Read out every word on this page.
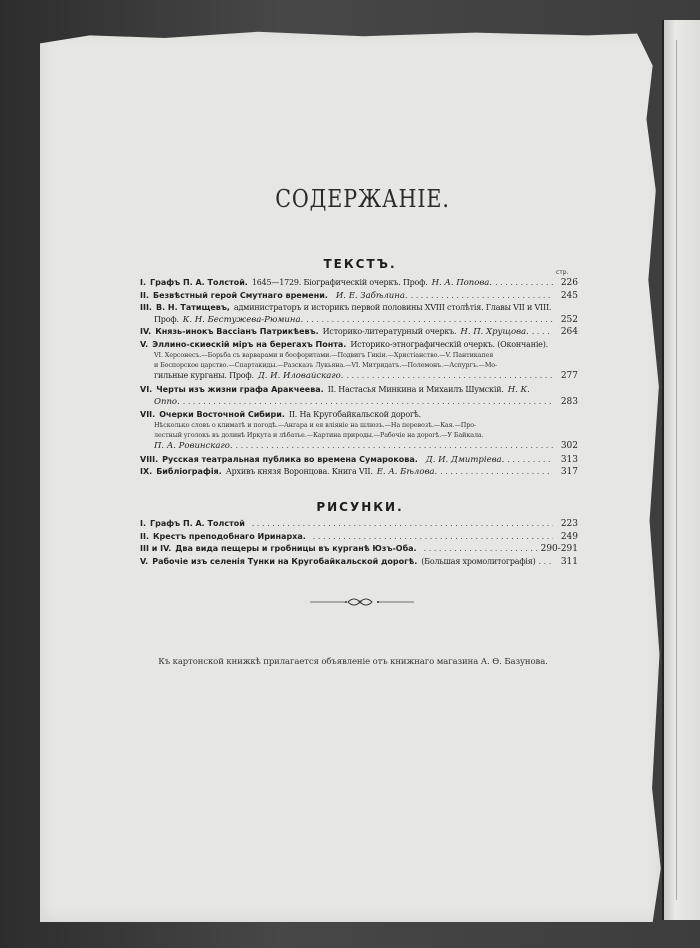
СОДЕРЖАНІЕ.
ТЕКСТЪ.
стр.
I. Графъ П. А. Толстой. 1645—1729. Біографическій очеркъ. Проф. Н. А. Попова. . . .	226
II. Безвѣстный герой Смутнаго времени. И. Е. Забѣлина. . . .	245
III. В. Н. Татищевъ, администраторъ и историкъ первой половины XVIII столѣтія. Главы VII и VIII.
Проф. К. Н. Бестужева-Рюмина. . . .	252
IV. Князь-инокъ Вассіанъ Патрикѣевъ. Историко-литературный очеркъ. Н. П. Хрущова. . . .	264
V. Эллино-скиѳскій міръ на берегахъ Понта. Историко-этнографическій очеркъ. (Окончаніе).
VI. Херсонесъ.—Борьба съ варварами и босфоритами.—Подвигъ Гикіи.—Христіанство.—V. Пантикапея
и Боспорское царство.—Спартакиды.—Разсказъ Лукьяна.—VI. Митридатъ.—Полемонъ.—Аспургъ.—Мо-
гильные курганы. Проф. Д. И. Иловайскаго. . . .	277
VI. Черты изъ жизни графа Аракчеева. II. Настасья Минкина и Михаилъ Шумскій. Н. К.
Оппо. . . .	283
VII. Очерки Восточной Сибири. II. На Кругобайкальской дорогѣ.
Нѣсколько словъ о климатѣ и погодѣ.—Ангара и ея вліяніе на шлюзъ.—На перевозѣ.—Кая.—Про-
лестный уголокъ въ долинѣ Иркута и лѣбатье.—Картина природы.—Рабочіе на дорогѣ.—У Байкала.
П. А. Ровинскаго. . . .	302
VIII. Русская театральная публика во времена Сумарокова. Д. И. Дмитріева. . . .	313
IX. Библіографія. Архивъ князя Воронцова. Книга VII. Е. А. Бѣлова. . . .	317
РИСУНКИ.
I. Графъ П. А. Толстой . . .	223
II. Крестъ преподобнаго Иринарха. . . .	249
III и IV. Два вида пещеры и гробницы въ курганѣ Юзъ-Оба. . . .	290-291
V. Рабочіе изъ селенія Тунки на Кругобайкальской дорогѣ. (Большая хромолитографія) . . .	311
Къ картонской книжкѣ прилагается объявленіе отъ книжнаго магазина А. Ѳ. Базунова.
